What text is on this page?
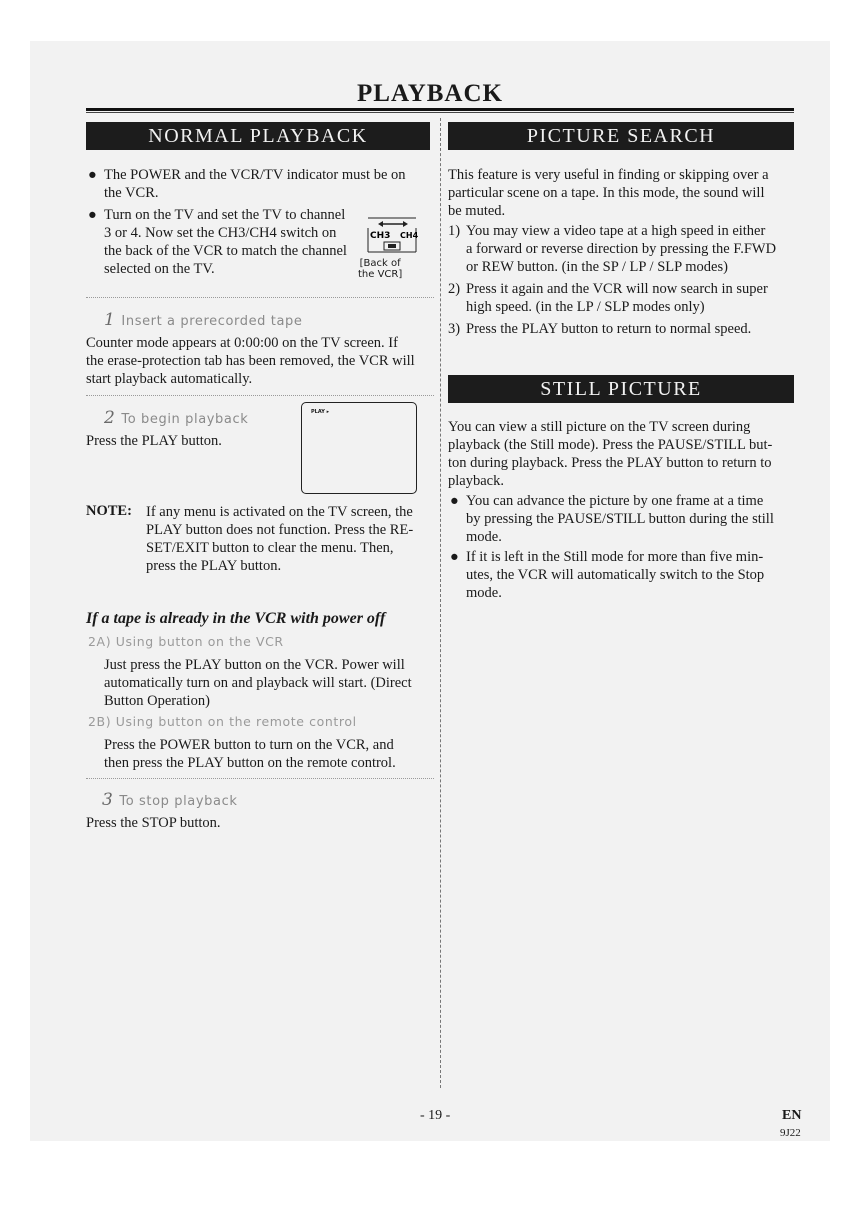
PLAYBACK
NORMAL PLAYBACK
● The POWER and the VCR/TV indicator must be on
the VCR.
● Turn on the TV and set the TV to channel
3 or 4. Now set the CH3/CH4 switch on
the back of the VCR to match the channel
selected on the TV.
CH3 CH4
[Back of
the VCR]
1 Insert a prerecorded tape
Counter mode appears at 0:00:00 on the TV screen. If
the erase-protection tab has been removed, the VCR will
start playback automatically.
2 To begin playback
Press the PLAY button.
PLAY ▸
NOTE: If any menu is activated on the TV screen, the
PLAY button does not function. Press the RE-
SET/EXIT button to clear the menu. Then,
press the PLAY button.
If a tape is already in the VCR with power off
2A) Using button on the VCR
Just press the PLAY button on the VCR. Power will
automatically turn on and playback will start. (Direct
Button Operation)
2B) Using button on the remote control
Press the POWER button to turn on the VCR, and
then press the PLAY button on the remote control.
3 To stop playback
Press the STOP button.
PICTURE SEARCH
This feature is very useful in finding or skipping over a
particular scene on a tape. In this mode, the sound will
be muted.
1) You may view a video tape at a high speed in either
a forward or reverse direction by pressing the F.FWD
or REW button. (in the SP / LP / SLP modes)
2) Press it again and the VCR will now search in super
high speed. (in the LP / SLP modes only)
3) Press the PLAY button to return to normal speed.
STILL PICTURE
You can view a still picture on the TV screen during
playback (the Still mode). Press the PAUSE/STILL but-
ton during playback. Press the PLAY button to return to
playback.
● You can advance the picture by one frame at a time
by pressing the PAUSE/STILL button during the still
mode.
● If it is left in the Still mode for more than five min-
utes, the VCR will automatically switch to the Stop
mode.
- 19 -	EN
9J22
